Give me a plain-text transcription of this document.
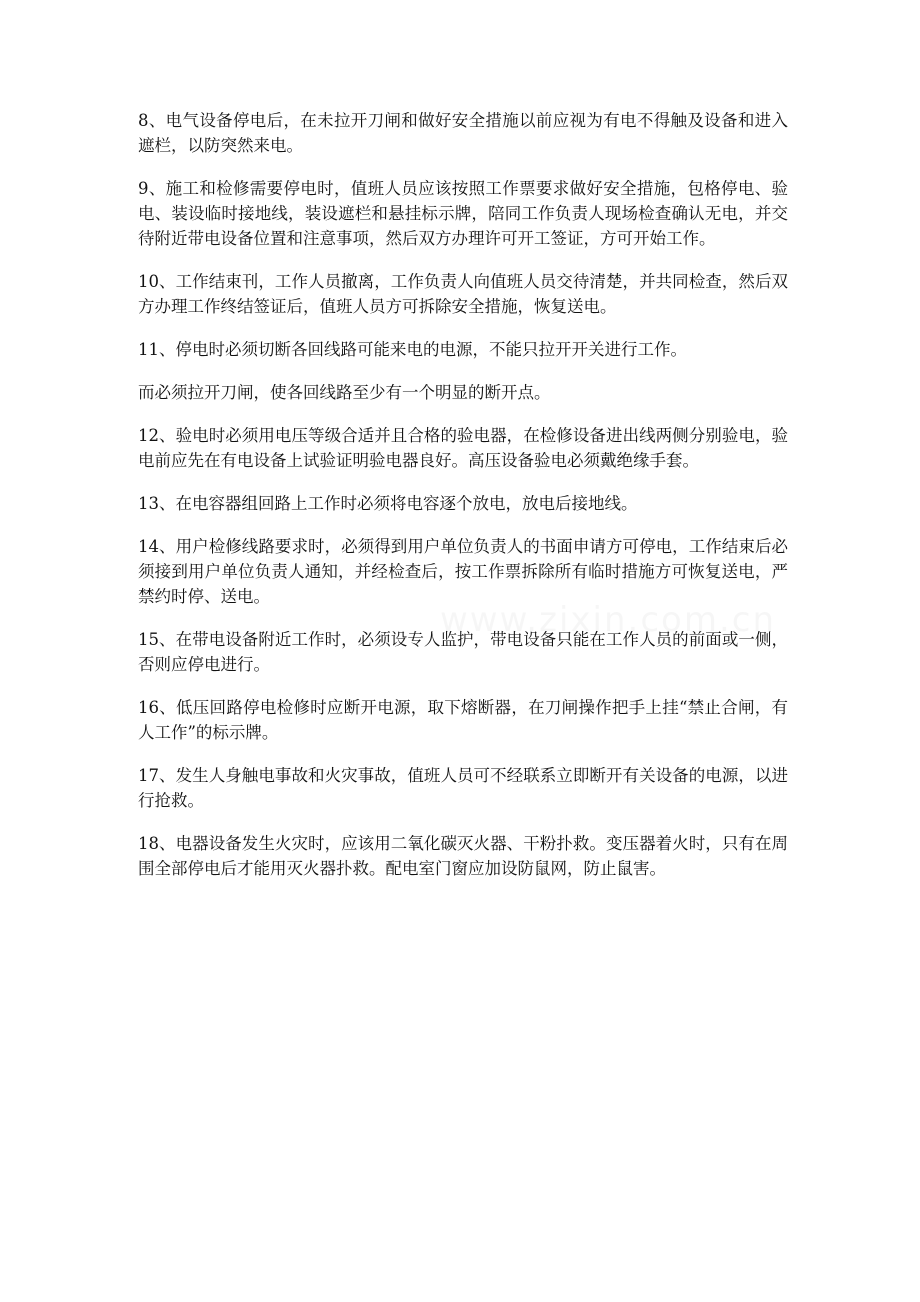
8、电气设备停电后，在未拉开刀闸和做好安全措施以前应视为有电不得触及设备和进入遮栏，以防突然来电。

9、施工和检修需要停电时，值班人员应该按照工作票要求做好安全措施，包格停电、验电、装设临时接地线，装设遮栏和悬挂标示牌，陪同工作负责人现场检查确认无电，并交待附近带电设备位置和注意事项，然后双方办理许可开工签证，方可开始工作。

10、工作结束刊，工作人员撤离，工作负责人向值班人员交待清楚，并共同检查，然后双方办理工作终结签证后，值班人员方可拆除安全措施，恢复送电。

11、停电时必须切断各回线路可能来电的电源，不能只拉开开关进行工作。

而必须拉开刀闸，使各回线路至少有一个明显的断开点。

12、验电时必须用电压等级合适并且合格的验电器，在检修设备进出线两侧分别验电，验电前应先在有电设备上试验证明验电器良好。高压设备验电必须戴绝缘手套。

13、在电容器组回路上工作时必须将电容逐个放电，放电后接地线。

14、用户检修线路要求时，必须得到用户单位负责人的书面申请方可停电，工作结束后必须接到用户单位负责人通知，并经检查后，按工作票拆除所有临时措施方可恢复送电，严禁约时停、送电。

15、在带电设备附近工作时，必须设专人监护，带电设备只能在工作人员的前面或一侧，否则应停电进行。

16、低压回路停电检修时应断开电源，取下熔断器，在刀闸操作把手上挂“禁止合闸，有人工作”的标示牌。

17、发生人身触电事故和火灾事故，值班人员可不经联系立即断开有关设备的电源，以进行抢救。

18、电器设备发生火灾时，应该用二氧化碳灭火器、干粉扑救。变压器着火时，只有在周围全部停电后才能用灭火器扑救。配电室门窗应加设防鼠网，防止鼠害。
